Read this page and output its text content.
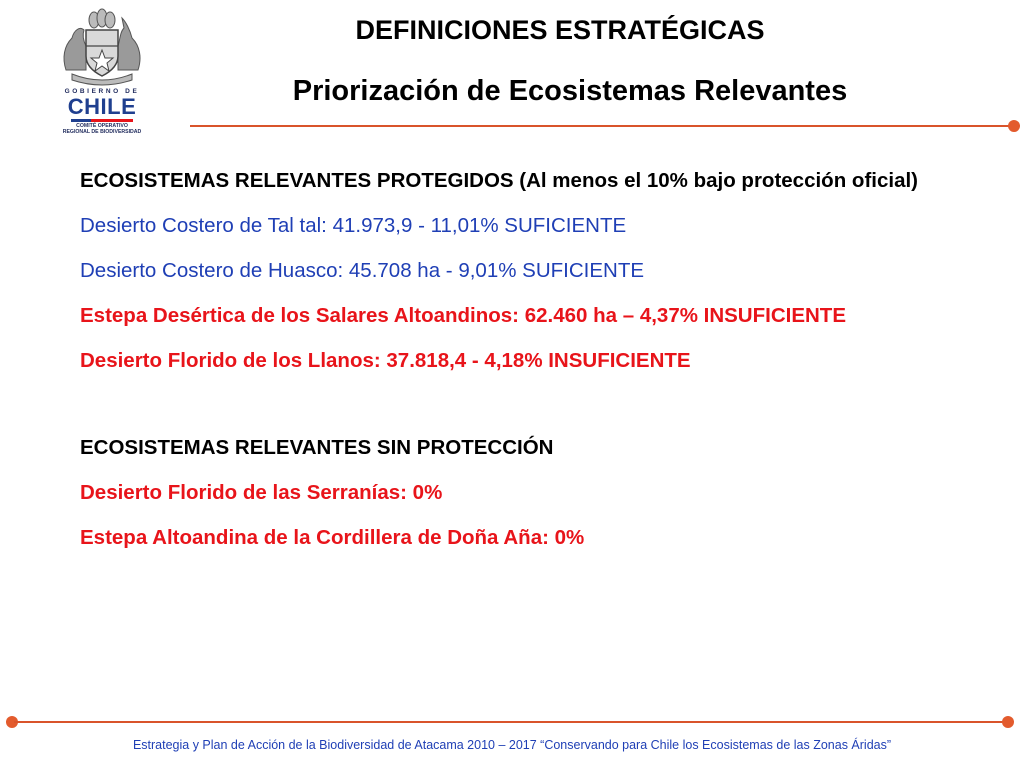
GOBIERNO DE
CHILE
COMITÉ OPERATIVO
REGIONAL DE BIODIVERSIDAD
DEFINICIONES ESTRATÉGICAS
Priorización de Ecosistemas Relevantes

ECOSISTEMAS RELEVANTES PROTEGIDOS (Al menos el 10% bajo protección oficial)

Desierto Costero de Tal tal: 41.973,9 - 11,01% SUFICIENTE

Desierto Costero de Huasco: 45.708 ha - 9,01% SUFICIENTE

Estepa Desértica de los Salares Altoandinos: 62.460 ha – 4,37% INSUFICIENTE

Desierto Florido de los Llanos: 37.818,4 - 4,18% INSUFICIENTE

ECOSISTEMAS RELEVANTES SIN PROTECCIÓN

Desierto Florido de las Serranías: 0%

Estepa Altoandina de la Cordillera de Doña Aña: 0%

Estrategia y Plan de Acción de la Biodiversidad de Atacama 2010 – 2017 “Conservando para Chile los Ecosistemas de las Zonas Áridas”
